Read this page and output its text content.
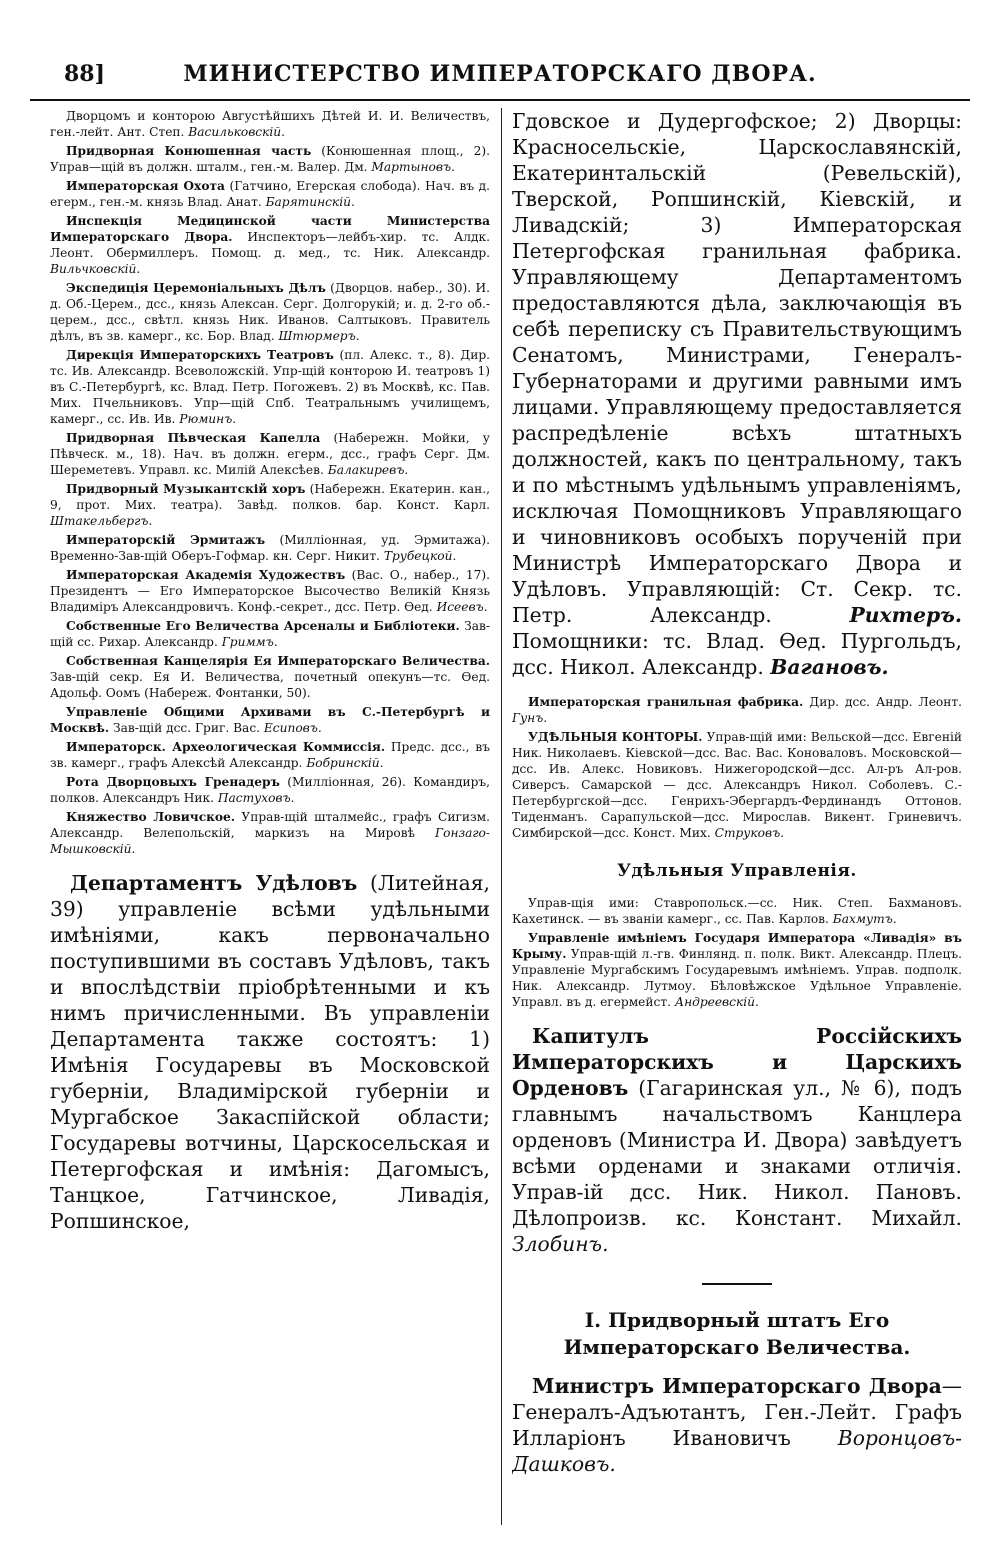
88]	МИНИСТЕРСТВО ИМПЕРАТОРСКАГО ДВОРА.

Дворцомъ и конторою Августѣйшихъ Дѣтей И. И. Величествъ, ген.-лейт. Ант. Степ. Васильковскій.

Придворная Конюшенная часть (Конюшенная площ., 2). Управ—щій въ должн. шталм., ген.-м. Валер. Дм. Мартыновъ.

Императорская Охота (Гатчино, Егерская слобода). Нач. въ д. егерм., ген.-м. князь Влад. Анат. Барятинскій.

Инспекція Медицинской части Министерства Императорскаго Двора. Инспекторъ—лейбъ-хир. тс. Алдк. Леонт. Обермиллеръ. Помощ. д. мед., тс. Ник. Александр. Вильчковскій.

Экспедиція Церемоніальныхъ Дѣлъ (Дворцов. набер., 30). И. д. Об.-Церем., дсс., князь Алексан. Серг. Долгорукій; и. д. 2-го об.-церем., дсс., свѣтл. князь Ник. Иванов. Салтыковъ. Правитель дѣлъ, въ зв. камерг., кс. Бор. Влад. Штюрмеръ.

Дирекція Императорскихъ Театровъ (пл. Алекс. т., 8). Дир. тс. Ив. Александр. Всеволожскій. Упр-щій конторою И. театровъ 1) въ С.-Петербургѣ, кс. Влад. Петр. Погожевъ. 2) въ Москвѣ, кс. Пав. Мих. Пчельниковъ. Упр—щій Спб. Театральнымъ училищемъ, камерг., сс. Ив. Ив. Рюминъ.

Придворная Пѣвческая Капелла (Набережн. Мойки, у Пѣвческ. м., 18). Нач. въ должн. егерм., дсс., графъ Серг. Дм. Шереметевъ. Управл. кс. Милій Алексѣев. Балакиревъ.

Придворный Музыкантскій хоръ (Набережн. Екатерин. кан., 9, прот. Мих. театра). Завѣд. полков. бар. Конст. Карл. Штакельбергъ.

Императорскій Эрмитажъ (Милліонная, уд. Эрмитажа). Временно-Зав-щій Оберъ-Гофмар. кн. Серг. Никит. Трубецкой.

Императорская Академія Художествъ (Вас. О., набер., 17). Президентъ — Его Императорское Высочество Великій Князь Владиміръ Александровичъ. Конф.-секрет., дсс. Петр. Ѳед. Исеевъ.

Собственные Его Величества Арсеналы и Библіотеки. Зав-щій сс. Рихар. Александр. Гриммъ.

Собственная Канцелярія Ея Императорскаго Величества. Зав-щій секр. Ея И. Величества, почетный опекунъ—тс. Ѳед. Адольф. Оомъ (Набереж. Фонтанки, 50).

Управленіе Общими Архивами въ С.-Петербургѣ и Москвѣ. Зав-щій дсс. Григ. Вас. Есиповъ.

Императорск. Археологическая Коммиссія. Предс. дсс., въ зв. камерг., графъ Алексѣй Александр. Бобринскій.

Рота Дворцовыхъ Гренадеръ (Милліонная, 26). Командиръ, полков. Александръ Ник. Пастуховъ.

Княжество Ловичское. Управ-щій шталмейс., графъ Сигизм. Александр. Велепольскій, маркизъ на Мировѣ Гонзаго-Мышковскій.

Департаментъ Удѣловъ (Литейная, 39) управленіе всѣми удѣльными имѣніями, какъ первоначально поступившими въ составъ Удѣловъ, такъ и впослѣдствіи пріобрѣтенными и къ нимъ причисленными. Въ управленіи Департамента также состоятъ: 1) Имѣнія Государевы въ Московской губерніи, Владимірской губерніи и Мургабское Закаспійской области; Государевы вотчины, Царскосельская и Петергофская и имѣнія: Дагомысъ, Танцкое, Гатчинское, Ливадія, Ропшинское,

Гдовское и Дудергофское; 2) Дворцы: Красносельскіе, Царскославянскій, Екатеринтальскій (Ревельскій), Тверской, Ропшинскій, Кіевскій, и Ливадскій; 3) Императорская Петергофская гранильная фабрика. Управляющему Департаментомъ предоставляются дѣла, заключающія въ себѣ переписку съ Правительствующимъ Сенатомъ, Министрами, Генералъ-Губернаторами и другими равными имъ лицами. Управляющему предоставляется распредѣленіе всѣхъ штатныхъ должностей, какъ по центральному, такъ и по мѣстнымъ удѣльнымъ управленіямъ, исключая Помощниковъ Управляющаго и чиновниковъ особыхъ порученій при Министрѣ Императорскаго Двора и Удѣловъ. Управляющій: Ст. Секр. тс. Петр. Александр. Рихтеръ. Помощники: тс. Влад. Ѳед. Пургольдъ, дсс. Никол. Александр. Вагановъ.

Императорская гранильная фабрика. Дир. дсс. Андр. Леонт. Гунъ.

УДѢЛЬНЫЯ КОНТОРЫ. Управ-щій ими: Вельской—дсс. Евгеній Ник. Николаевъ. Кіевской—дсс. Вас. Вас. Коноваловъ. Московской—дсс. Ив. Алекс. Новиковъ. Нижегородской—дсс. Ал-ръ Ал-ров. Сиверсъ. Самарской — дсс. Александръ Никол. Соболевъ. С.-Петербургской—дсс. Генрихъ-Эбергардъ-Фердинандъ Оттонов. Тиденманъ. Сарапульской—дсс. Мирослав. Викент. Гриневичъ. Симбирской—дсс. Конст. Мих. Струковъ.

Удѣльныя Управленія.

Управ-щія ими: Ставропольск.—сс. Ник. Степ. Бахмановъ. Кахетинск. — въ званіи камерг., сс. Пав. Карлов. Бахмутъ.

Управленіе имѣніемъ Государя Императора «Ливадія» въ Крыму. Управ-щій л.-гв. Финлянд. п. полк. Викт. Александр. Плецъ. Управленіе Мургабскимъ Государевымъ имѣніемъ. Управ. подполк. Ник. Александр. Лутмоу. Бѣловѣжское Удѣльное Управленіе. Управл. въ д. егермейст. Андреевскій.

Капитулъ Россійскихъ Императорскихъ и Царскихъ Орденовъ (Гагаринская ул., № 6), подъ главнымъ начальствомъ Канцлера орденовъ (Министра И. Двора) завѣдуетъ всѣми орденами и знаками отличія. Управ-ій дсс. Ник. Никол. Пановъ. Дѣлопроизв. кс. Констант. Михайл. Злобинъ.

I. Придворный штатъ Его Императорскаго Величества.

Министръ Императорскаго Двора—Генералъ-Адъютантъ, Ген.-Лейт. Графъ Илларіонъ Ивановичъ Воронцовъ-Дашковъ.
